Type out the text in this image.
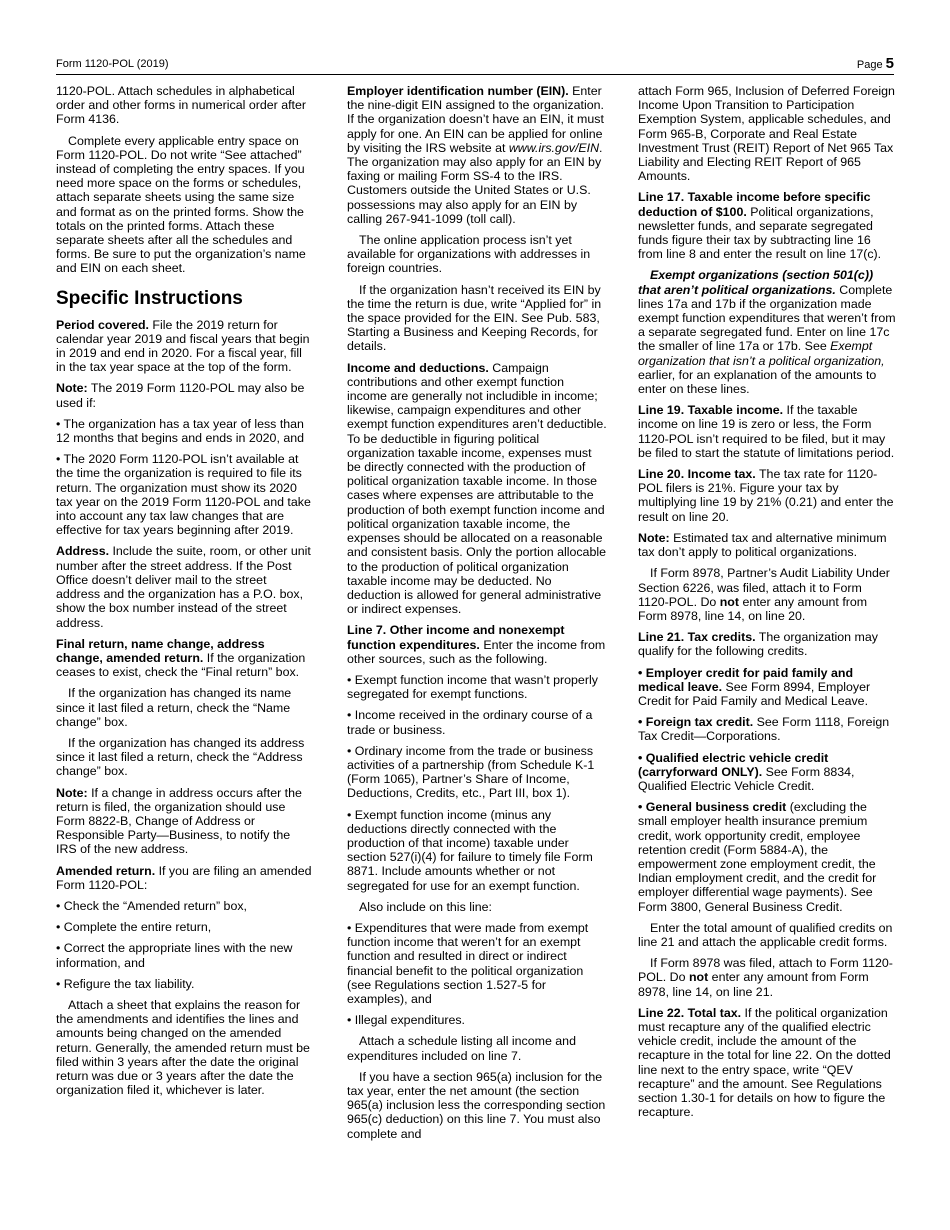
Form 1120-POL (2019)	Page 5

1120-POL. Attach schedules in alphabetical order and other forms in numerical order after Form 4136.

Complete every applicable entry space on Form 1120-POL. Do not write “See attached” instead of completing the entry spaces. If you need more space on the forms or schedules, attach separate sheets using the same size and format as on the printed forms. Show the totals on the printed forms. Attach these separate sheets after all the schedules and forms. Be sure to put the organization’s name and EIN on each sheet.

Specific Instructions

Period covered. File the 2019 return for calendar year 2019 and fiscal years that begin in 2019 and end in 2020. For a fiscal year, fill in the tax year space at the top of the form.

Note: The 2019 Form 1120-POL may also be used if:

• The organization has a tax year of less than 12 months that begins and ends in 2020, and

• The 2020 Form 1120-POL isn’t available at the time the organization is required to file its return. The organization must show its 2020 tax year on the 2019 Form 1120-POL and take into account any tax law changes that are effective for tax years beginning after 2019.

Address. Include the suite, room, or other unit number after the street address. If the Post Office doesn’t deliver mail to the street address and the organization has a P.O. box, show the box number instead of the street address.

Final return, name change, address change, amended return. If the organization ceases to exist, check the “Final return” box.

If the organization has changed its name since it last filed a return, check the “Name change” box.

If the organization has changed its address since it last filed a return, check the “Address change” box.

Note: If a change in address occurs after the return is filed, the organization should use Form 8822-B, Change of Address or Responsible Party—Business, to notify the IRS of the new address.

Amended return. If you are filing an amended Form 1120-POL:

• Check the “Amended return” box,

• Complete the entire return,

• Correct the appropriate lines with the new information, and

• Refigure the tax liability.

Attach a sheet that explains the reason for the amendments and identifies the lines and amounts being changed on the amended return. Generally, the amended return must be filed within 3 years after the date the original return was due or 3 years after the date the organization filed it, whichever is later.

Employer identification number (EIN). Enter the nine-digit EIN assigned to the organization. If the organization doesn’t have an EIN, it must apply for one. An EIN can be applied for online by visiting the IRS website at www.irs.gov/EIN. The organization may also apply for an EIN by faxing or mailing Form SS-4 to the IRS. Customers outside the United States or U.S. possessions may also apply for an EIN by calling 267-941-1099 (toll call).

The online application process isn’t yet available for organizations with addresses in foreign countries.

If the organization hasn’t received its EIN by the time the return is due, write “Applied for” in the space provided for the EIN. See Pub. 583, Starting a Business and Keeping Records, for details.

Income and deductions. Campaign contributions and other exempt function income are generally not includible in income; likewise, campaign expenditures and other exempt function expenditures aren’t deductible. To be deductible in figuring political organization taxable income, expenses must be directly connected with the production of political organization taxable income. In those cases where expenses are attributable to the production of both exempt function income and political organization taxable income, the expenses should be allocated on a reasonable and consistent basis. Only the portion allocable to the production of political organization taxable income may be deducted. No deduction is allowed for general administrative or indirect expenses.

Line 7. Other income and nonexempt function expenditures. Enter the income from other sources, such as the following.

• Exempt function income that wasn’t properly segregated for exempt functions.

• Income received in the ordinary course of a trade or business.

• Ordinary income from the trade or business activities of a partnership (from Schedule K-1 (Form 1065), Partner’s Share of Income, Deductions, Credits, etc., Part III, box 1).

• Exempt function income (minus any deductions directly connected with the production of that income) taxable under section 527(i)(4) for failure to timely file Form 8871. Include amounts whether or not segregated for use for an exempt function.

Also include on this line:

• Expenditures that were made from exempt function income that weren’t for an exempt function and resulted in direct or indirect financial benefit to the political organization (see Regulations section 1.527-5 for examples), and

• Illegal expenditures.

Attach a schedule listing all income and expenditures included on line 7.

If you have a section 965(a) inclusion for the tax year, enter the net amount (the section 965(a) inclusion less the corresponding section 965(c) deduction) on this line 7. You must also complete and

attach Form 965, Inclusion of Deferred Foreign Income Upon Transition to Participation Exemption System, applicable schedules, and Form 965-B, Corporate and Real Estate Investment Trust (REIT) Report of Net 965 Tax Liability and Electing REIT Report of 965 Amounts.

Line 17. Taxable income before specific deduction of $100. Political organizations, newsletter funds, and separate segregated funds figure their tax by subtracting line 16 from line 8 and enter the result on line 17(c).

Exempt organizations (section 501(c)) that aren’t political organizations. Complete lines 17a and 17b if the organization made exempt function expenditures that weren’t from a separate segregated fund. Enter on line 17c the smaller of line 17a or 17b. See Exempt organization that isn’t a political organization, earlier, for an explanation of the amounts to enter on these lines.

Line 19. Taxable income. If the taxable income on line 19 is zero or less, the Form 1120-POL isn’t required to be filed, but it may be filed to start the statute of limitations period.

Line 20. Income tax. The tax rate for 1120-POL filers is 21%. Figure your tax by multiplying line 19 by 21% (0.21) and enter the result on line 20.

Note: Estimated tax and alternative minimum tax don’t apply to political organizations.

If Form 8978, Partner’s Audit Liability Under Section 6226, was filed, attach it to Form 1120-POL. Do not enter any amount from Form 8978, line 14, on line 20.

Line 21. Tax credits. The organization may qualify for the following credits.

• Employer credit for paid family and medical leave. See Form 8994, Employer Credit for Paid Family and Medical Leave.

• Foreign tax credit. See Form 1118, Foreign Tax Credit—Corporations.

• Qualified electric vehicle credit (carryforward ONLY). See Form 8834, Qualified Electric Vehicle Credit.

• General business credit (excluding the small employer health insurance premium credit, work opportunity credit, employee retention credit (Form 5884-A), the empowerment zone employment credit, the Indian employment credit, and the credit for employer differential wage payments). See Form 3800, General Business Credit.

Enter the total amount of qualified credits on line 21 and attach the applicable credit forms.

If Form 8978 was filed, attach to Form 1120-POL. Do not enter any amount from Form 8978, line 14, on line 21.

Line 22. Total tax. If the political organization must recapture any of the qualified electric vehicle credit, include the amount of the recapture in the total for line 22. On the dotted line next to the entry space, write “QEV recapture” and the amount. See Regulations section 1.30-1 for details on how to figure the recapture.
